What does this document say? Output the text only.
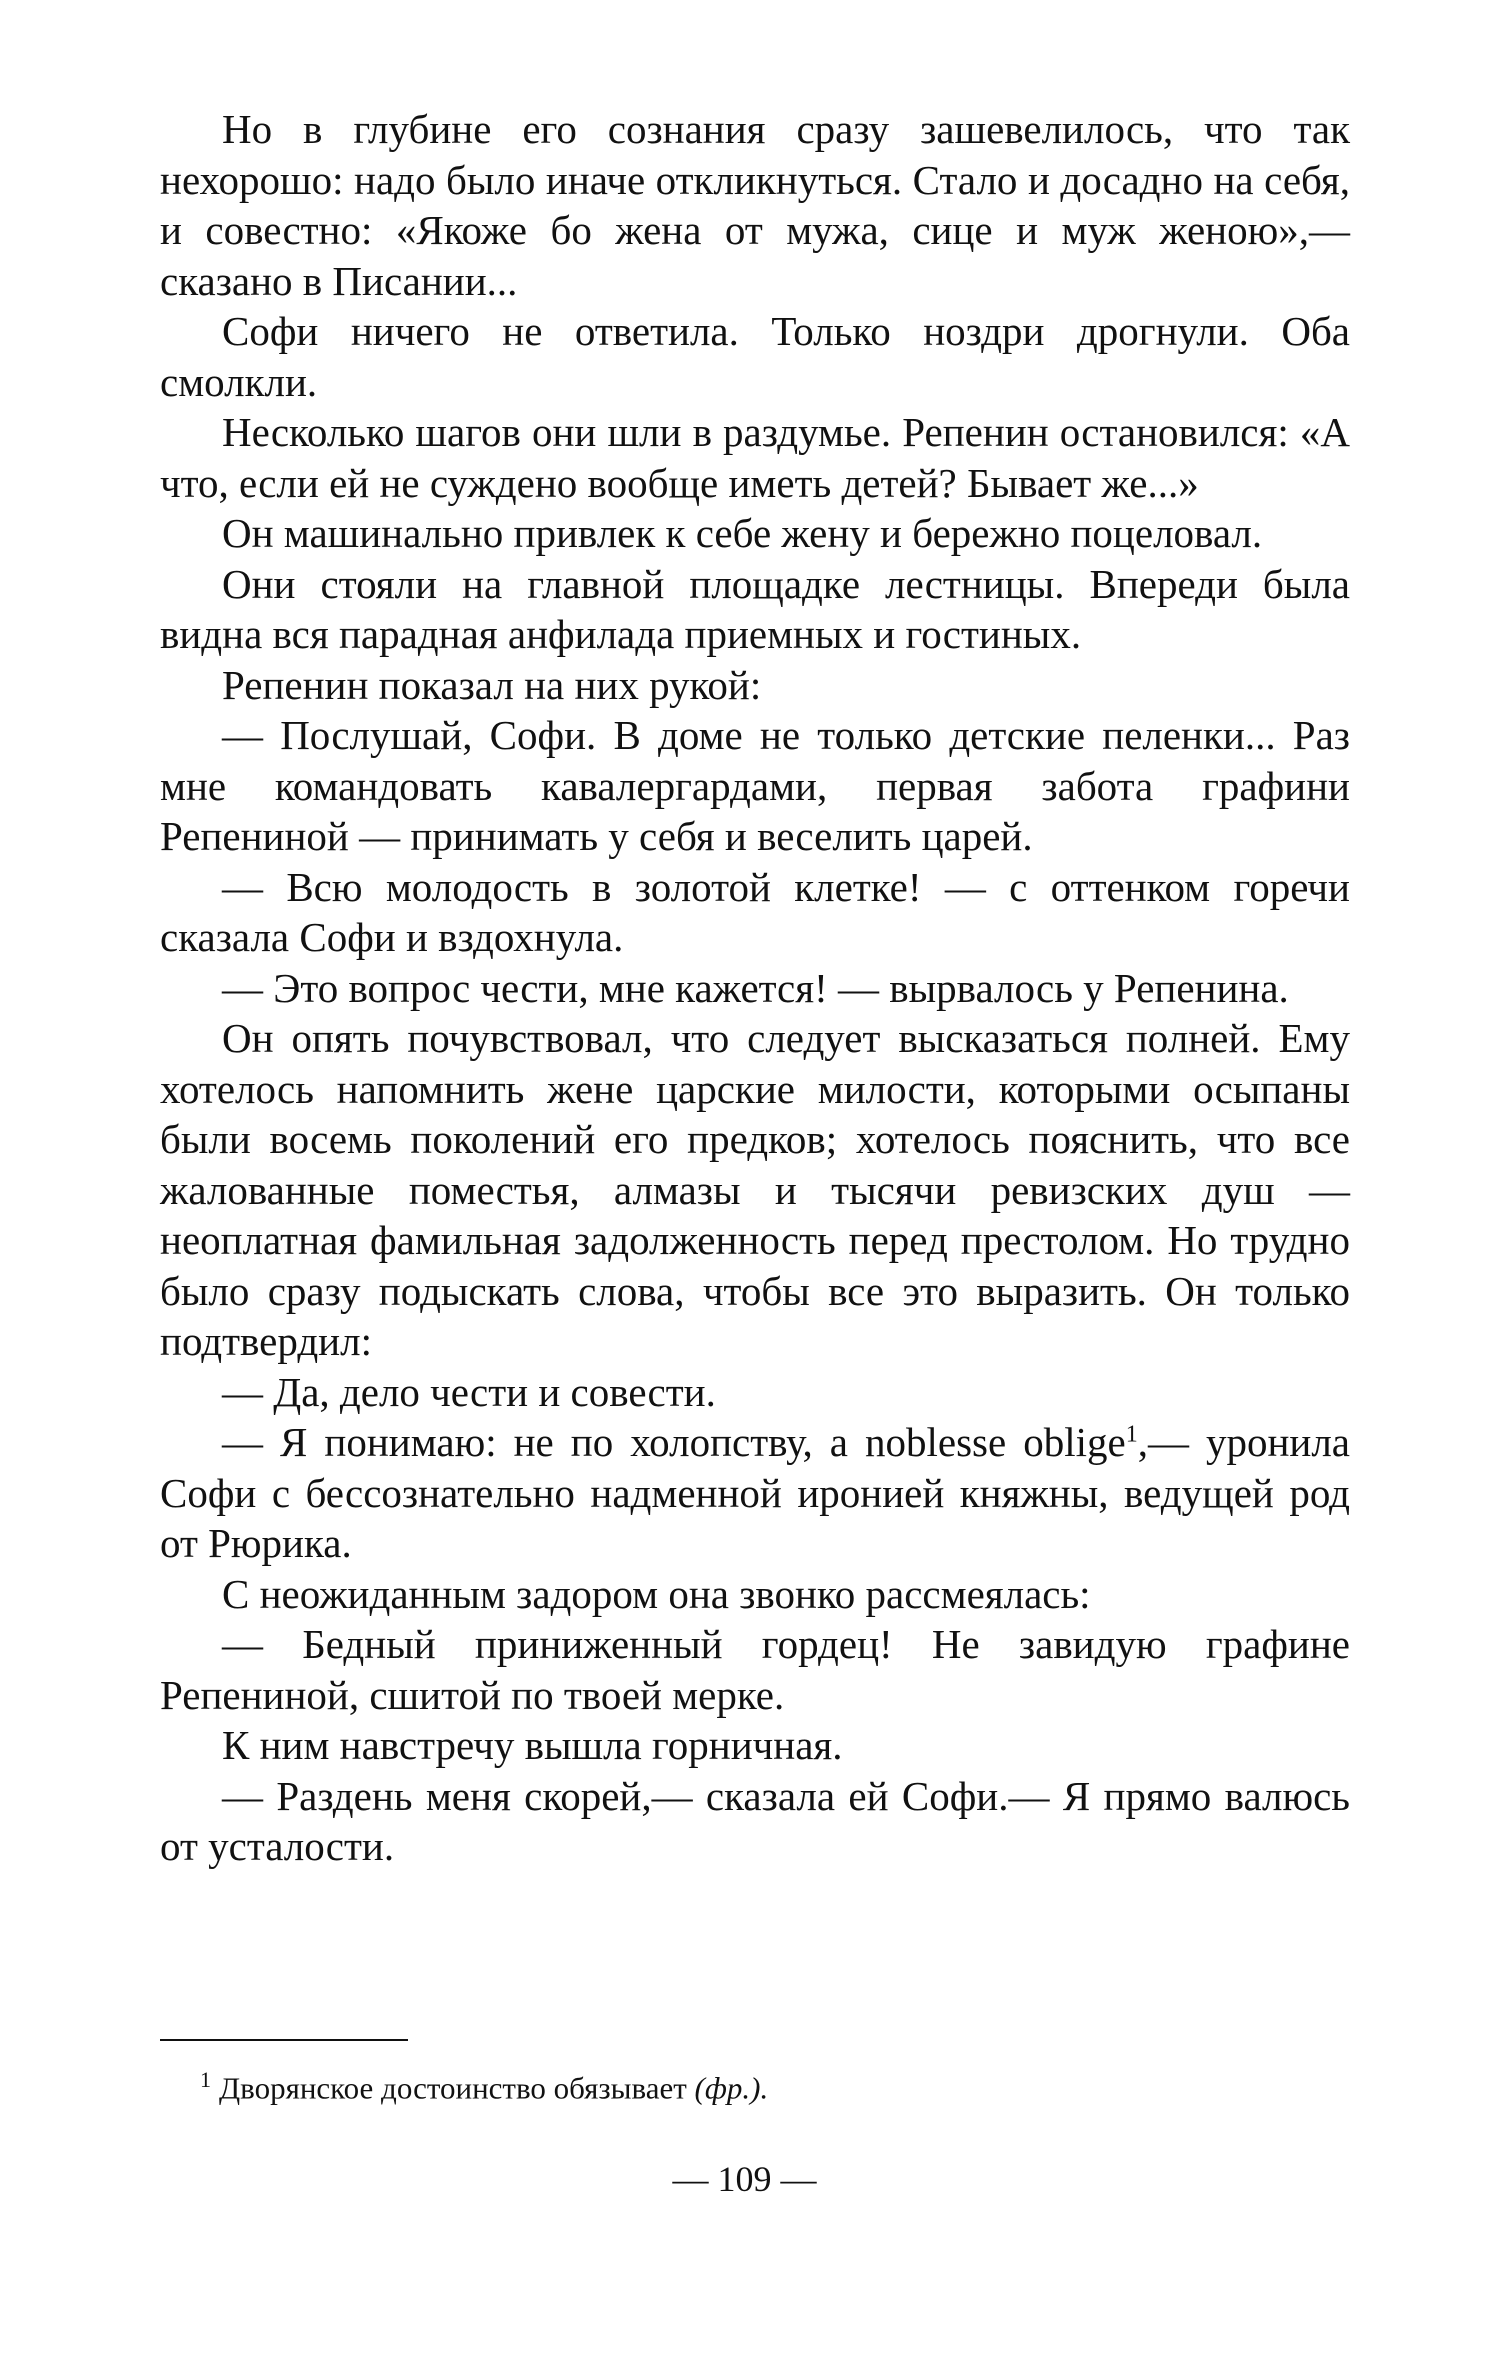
Но в глубине его сознания сразу зашевелилось, что так нехорошо: надо было иначе откликнуться. Стало и досадно на себя, и совестно: «Якоже бо жена от мужа, сице и муж женою»,— сказано в Писании...

Софи ничего не ответила. Только ноздри дрогнули. Оба смолкли.

Несколько шагов они шли в раздумье. Репенин остановился: «А что, если ей не суждено вообще иметь детей? Бывает же...»

Он машинально привлек к себе жену и бережно поцеловал.

Они стояли на главной площадке лестницы. Впереди была видна вся парадная анфилада приемных и гостиных.

Репенин показал на них рукой:

— Послушай, Софи. В доме не только детские пеленки... Раз мне командовать кавалергардами, первая забота графини Репениной — принимать у себя и веселить царей.

— Всю молодость в золотой клетке! — с оттенком горечи сказала Софи и вздохнула.

— Это вопрос чести, мне кажется! — вырвалось у Репенина.

Он опять почувствовал, что следует высказаться полней. Ему хотелось напомнить жене царские милости, которыми осыпаны были восемь поколений его предков; хотелось пояснить, что все жалованные поместья, алмазы и тысячи ревизских душ — неоплатная фамильная задолженность перед престолом. Но трудно было сразу подыскать слова, чтобы все это выразить. Он только подтвердил:

— Да, дело чести и совести.

— Я понимаю: не по холопству, а noblesse oblige$^1$,— уронила Софи с бессознательно надменной иронией княжны, ведущей род от Рюрика.

С неожиданным задором она звонко рассмеялась:

— Бедный приниженный гордец! Не завидую графине Репениной, сшитой по твоей мерке.

К ним навстречу вышла горничная.

— Раздень меня скорей,— сказала ей Софи.— Я прямо валюсь от усталости.

$^1$ Дворянское достоинство обязывает (фр.).
— 109 —
